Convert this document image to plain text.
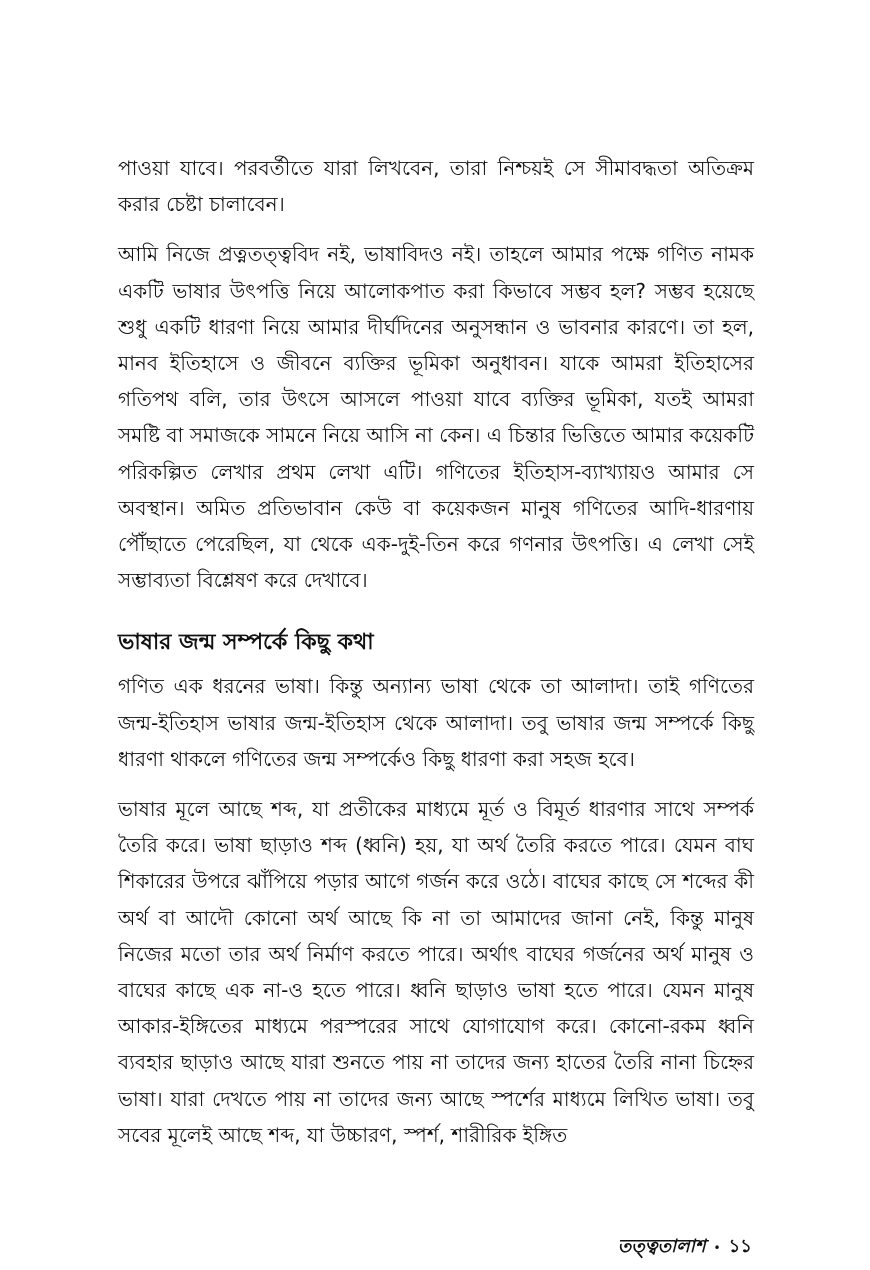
পাওয়া যাবে। পরবর্তীতে যারা লিখবেন, তারা নিশ্চয়ই সে সীমাবদ্ধতা অতিক্রম করার চেষ্টা চালাবেন।

আমি নিজে প্রত্নতত্ত্ববিদ নই, ভাষাবিদও নই। তাহলে আমার পক্ষে গণিত নামক একটি ভাষার উৎপত্তি নিয়ে আলোকপাত করা কিভাবে সম্ভব হল? সম্ভব হয়েছে শুধু একটি ধারণা নিয়ে আমার দীর্ঘদিনের অনুসন্ধান ও ভাবনার কারণে। তা হল, মানব ইতিহাসে ও জীবনে ব্যক্তির ভূমিকা অনুধাবন। যাকে আমরা ইতিহাসের গতিপথ বলি, তার উৎসে আসলে পাওয়া যাবে ব্যক্তির ভূমিকা, যতই আমরা সমষ্টি বা সমাজকে সামনে নিয়ে আসি না কেন। এ চিন্তার ভিত্তিতে আমার কয়েকটি পরিকল্পিত লেখার প্রথম লেখা এটি। গণিতের ইতিহাস-ব্যাখ্যায়ও আমার সে অবস্থান। অমিত প্রতিভাবান কেউ বা কয়েকজন মানুষ গণিতের আদি-ধারণায় পৌঁছাতে পেরেছিল, যা থেকে এক-দুই-তিন করে গণনার উৎপত্তি। এ লেখা সেই সম্ভাব্যতা বিশ্লেষণ করে দেখাবে।

ভাষার জন্ম সম্পর্কে কিছু কথা

গণিত এক ধরনের ভাষা। কিন্তু অন্যান্য ভাষা থেকে তা আলাদা। তাই গণিতের জন্ম-ইতিহাস ভাষার জন্ম-ইতিহাস থেকে আলাদা। তবু ভাষার জন্ম সম্পর্কে কিছু ধারণা থাকলে গণিতের জন্ম সম্পর্কেও কিছু ধারণা করা সহজ হবে।

ভাষার মূলে আছে শব্দ, যা প্রতীকের মাধ্যমে মূর্ত ও বিমূর্ত ধারণার সাথে সম্পর্ক তৈরি করে। ভাষা ছাড়াও শব্দ (ধ্বনি) হয়, যা অর্থ তৈরি করতে পারে। যেমন বাঘ শিকারের উপরে ঝাঁপিয়ে পড়ার আগে গর্জন করে ওঠে। বাঘের কাছে সে শব্দের কী অর্থ বা আদৌ কোনো অর্থ আছে কি না তা আমাদের জানা নেই, কিন্তু মানুষ নিজের মতো তার অর্থ নির্মাণ করতে পারে। অর্থাৎ বাঘের গর্জনের অর্থ মানুষ ও বাঘের কাছে এক না-ও হতে পারে। ধ্বনি ছাড়াও ভাষা হতে পারে। যেমন মানুষ আকার-ইঙ্গিতের মাধ্যমে পরস্পরের সাথে যোগাযোগ করে। কোনো-রকম ধ্বনি ব্যবহার ছাড়াও আছে যারা শুনতে পায় না তাদের জন্য হাতের তৈরি নানা চিহ্নের ভাষা। যারা দেখতে পায় না তাদের জন্য আছে স্পর্শের মাধ্যমে লিখিত ভাষা। তবু সবের মূলেই আছে শব্দ, যা উচ্চারণ, স্পর্শ, শারীরিক ইঙ্গিত

তত্ত্বতালাশ • ১১
